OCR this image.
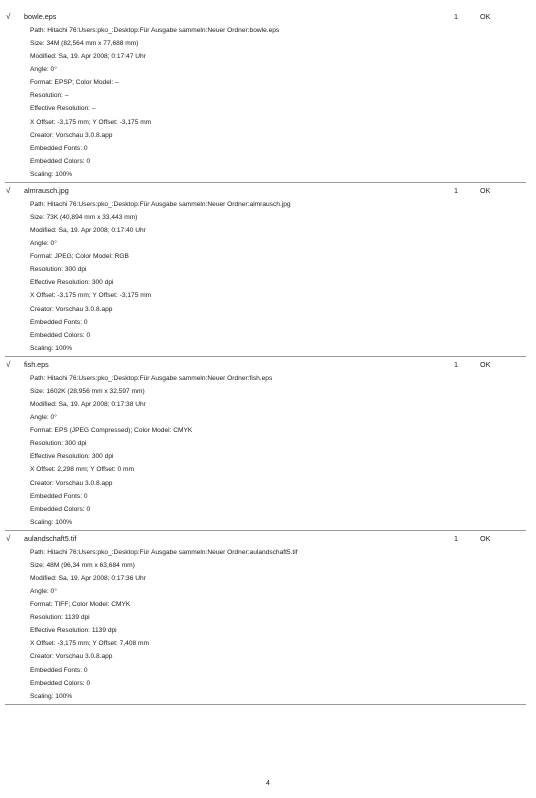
√ bowle.eps	1	OK
Path: Hitachi 76:Users:pko_:Desktop:Für Ausgabe sammeln:Neuer Ordner:bowle.eps
Size: 34M (82,564 mm x 77,688 mm)
Modified: Sa, 19. Apr 2008; 0:17:47 Uhr
Angle: 0°
Format: EPSP; Color Model: –
Resolution: –
Effective Resolution: –
X Offset: -3,175 mm; Y Offset: -3,175 mm
Creator: Vorschau 3.0.8.app
Embedded Fonts: 0
Embedded Colors: 0
Scaling: 100%
√ almrausch.jpg	1	OK
Path: Hitachi 76:Users:pko_:Desktop:Für Ausgabe sammeln:Neuer Ordner:almrausch.jpg
Size: 73K (40,894 mm x 33,443 mm)
Modified: Sa, 19. Apr 2008; 0:17:40 Uhr
Angle: 0°
Format: JPEG; Color Model: RGB
Resolution: 300 dpi
Effective Resolution: 300 dpi
X Offset: -3,175 mm; Y Offset: -3,175 mm
Creator: Vorschau 3.0.8.app
Embedded Fonts: 0
Embedded Colors: 0
Scaling: 100%
√ fish.eps	1	OK
Path: Hitachi 76:Users:pko_:Desktop:Für Ausgabe sammeln:Neuer Ordner:fish.eps
Size: 1602K (28,956 mm x 32,597 mm)
Modified: Sa, 19. Apr 2008; 0:17:38 Uhr
Angle: 0°
Format: EPS (JPEG Compressed); Color Model: CMYK
Resolution: 300 dpi
Effective Resolution: 300 dpi
X Offset: 2,298 mm; Y Offset: 0 mm
Creator: Vorschau 3.0.8.app
Embedded Fonts: 0
Embedded Colors: 0
Scaling: 100%
√ aulandschaft5.tif	1	OK
Path: Hitachi 76:Users:pko_:Desktop:Für Ausgabe sammeln:Neuer Ordner:aulandschaft5.tif
Size: 48M (96,34 mm x 63,684 mm)
Modified: Sa, 19. Apr 2008; 0:17:36 Uhr
Angle: 0°
Format: TIFF; Color Model: CMYK
Resolution: 1139 dpi
Effective Resolution: 1139 dpi
X Offset: -3,175 mm; Y Offset: 7,408 mm
Creator: Vorschau 3.0.8.app
Embedded Fonts: 0
Embedded Colors: 0
Scaling: 100%
4
